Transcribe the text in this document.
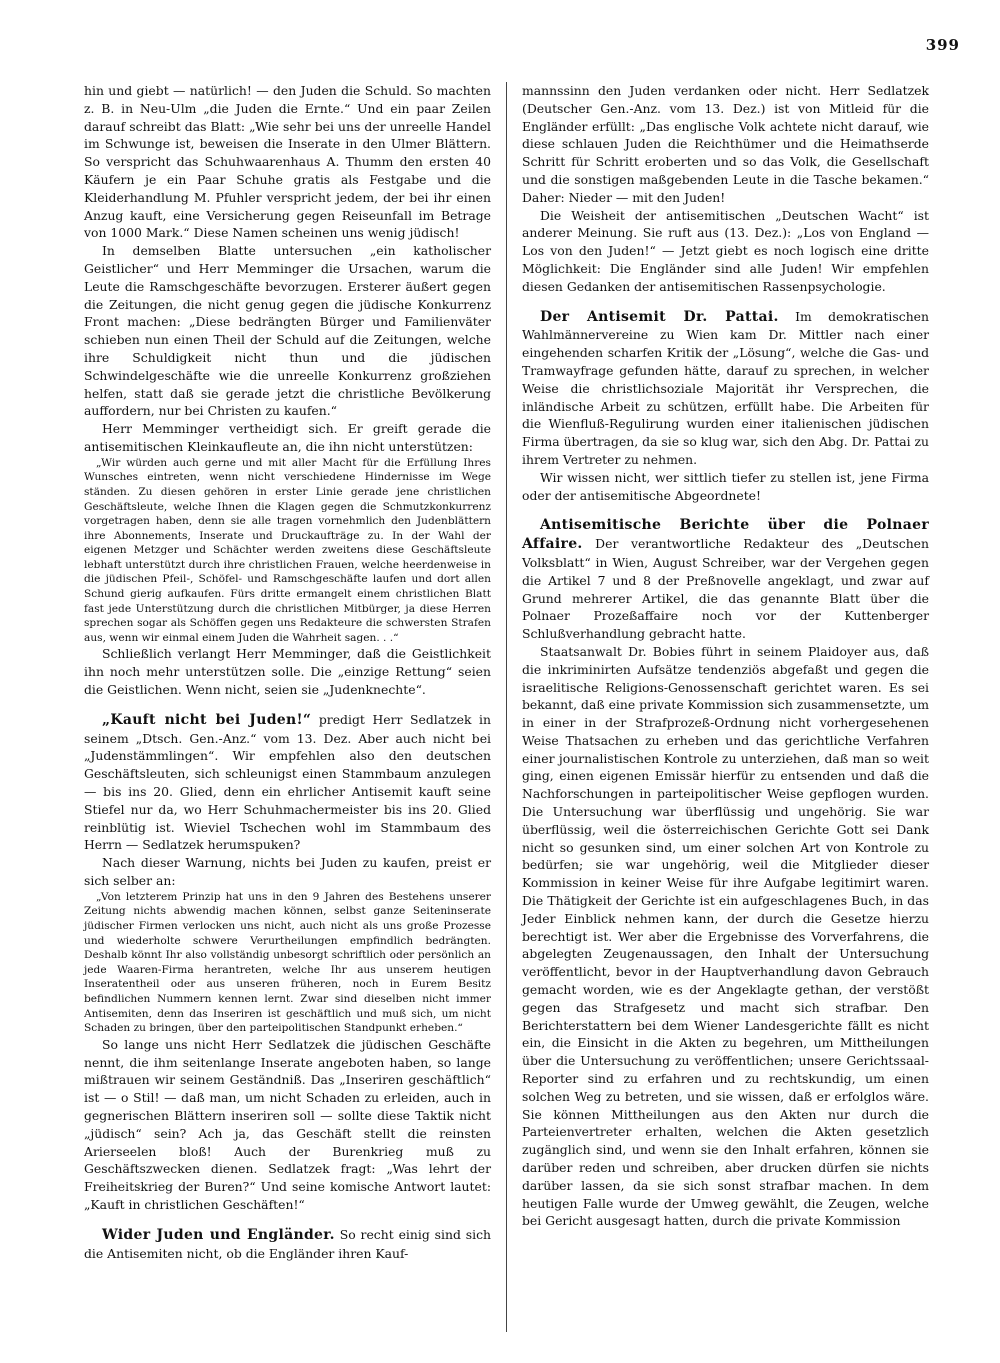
399

hin und giebt — natürlich! — den Juden die Schuld. So machten z. B. in Neu-Ulm „die Juden die Ernte.“ Und ein paar Zeilen darauf schreibt das Blatt: „Wie sehr bei uns der unreelle Handel im Schwunge ist, beweisen die Inserate in den Ulmer Blättern. So verspricht das Schuhwaarenhaus A. Thumm den ersten 40 Käufern je ein Paar Schuhe gratis als Festgabe und die Kleiderhandlung M. Pfuhler verspricht jedem, der bei ihr einen Anzug kauft, eine Versicherung gegen Reiseunfall im Betrage von 1000 Mark.“ Diese Namen scheinen uns wenig jüdisch!

In demselben Blatte untersuchen „ein katholischer Geistlicher“ und Herr Memminger die Ursachen, warum die Leute die Ramschgeschäfte bevorzugen. Ersterer äußert gegen die Zeitungen, die nicht genug gegen die jüdische Konkurrenz Front machen: „Diese bedrängten Bürger und Familienväter schieben nun einen Theil der Schuld auf die Zeitungen, welche ihre Schuldigkeit nicht thun und die jüdischen Schwindelgeschäfte wie die unreelle Konkurrenz großziehen helfen, statt daß sie gerade jetzt die christliche Bevölkerung auffordern, nur bei Christen zu kaufen.“

Herr Memminger vertheidigt sich. Er greift gerade die antisemitischen Kleinkaufleute an, die ihn nicht unterstützen:

„Wir würden auch gerne und mit aller Macht für die Erfüllung Ihres Wunsches eintreten, wenn nicht verschiedene Hindernisse im Wege ständen. Zu diesen gehören in erster Linie gerade jene christlichen Geschäftsleute, welche Ihnen die Klagen gegen die Schmutzkonkurrenz vorgetragen haben, denn sie alle tragen vornehmlich den Judenblättern ihre Abonnements, Inserate und Druckaufträge zu. In der Wahl der eigenen Metzger und Schächter werden zweitens diese Geschäftsleute lebhaft unterstützt durch ihre christlichen Frauen, welche heerdenweise in die jüdischen Pfeil-, Schöfel- und Ramschgeschäfte laufen und dort allen Schund gierig aufkaufen. Fürs dritte ermangelt einem christlichen Blatt fast jede Unterstützung durch die christlichen Mitbürger, ja diese Herren sprechen sogar als Schöffen gegen uns Redakteure die schwersten Strafen aus, wenn wir einmal einem Juden die Wahrheit sagen. . .“

Schließlich verlangt Herr Memminger, daß die Geistlichkeit ihn noch mehr unterstützen solle. Die „einzige Rettung“ seien die Geistlichen. Wenn nicht, seien sie „Judenknechte“.

„Kauft nicht bei Juden!“ predigt Herr Sedlatzek in seinem „Dtsch. Gen.-Anz.“ vom 13. Dez. Aber auch nicht bei „Judenstämmlingen“. Wir empfehlen also den deutschen Geschäftsleuten, sich schleunigst einen Stammbaum anzulegen — bis ins 20. Glied, denn ein ehrlicher Antisemit kauft seine Stiefel nur da, wo Herr Schuhmachermeister bis ins 20. Glied reinblütig ist. Wieviel Tschechen wohl im Stammbaum des Herrn — Sedlatzek herumspuken?

Nach dieser Warnung, nichts bei Juden zu kaufen, preist er sich selber an:

„Von letzterem Prinzip hat uns in den 9 Jahren des Bestehens unserer Zeitung nichts abwendig machen können, selbst ganze Seiteninserate jüdischer Firmen verlocken uns nicht, auch nicht als uns große Prozesse und wiederholte schwere Verurtheilungen empfindlich bedrängten. Deshalb könnt Ihr also vollständig unbesorgt schriftlich oder persönlich an jede Waaren-Firma herantreten, welche Ihr aus unserem heutigen Inseratentheil oder aus unseren früheren, noch in Eurem Besitz befindlichen Nummern kennen lernt. Zwar sind dieselben nicht immer Antisemiten, denn das Inseriren ist geschäftlich und muß sich, um nicht Schaden zu bringen, über den parteipolitischen Standpunkt erheben.“

So lange uns nicht Herr Sedlatzek die jüdischen Geschäfte nennt, die ihm seitenlange Inserate angeboten haben, so lange mißtrauen wir seinem Geständniß. Das „Inseriren geschäftlich“ ist — o Stil! — daß man, um nicht Schaden zu erleiden, auch in gegnerischen Blättern inseriren soll — sollte diese Taktik nicht „jüdisch“ sein? Ach ja, das Geschäft stellt die reinsten Arierseelen bloß! Auch der Burenkrieg muß zu Geschäftszwecken dienen. Sedlatzek fragt: „Was lehrt der Freiheitskrieg der Buren?“ Und seine komische Antwort lautet: „Kauft in christlichen Geschäften!“

Wider Juden und Engländer. So recht einig sind sich die Antisemiten nicht, ob die Engländer ihren Kauf-

mannssinn den Juden verdanken oder nicht. Herr Sedlatzek (Deutscher Gen.-Anz. vom 13. Dez.) ist von Mitleid für die Engländer erfüllt: „Das englische Volk achtete nicht darauf, wie diese schlauen Juden die Reichthümer und die Heimathserde Schritt für Schritt eroberten und so das Volk, die Gesellschaft und die sonstigen maßgebenden Leute in die Tasche bekamen.“ Daher: Nieder — mit den Juden!

Die Weisheit der antisemitischen „Deutschen Wacht“ ist anderer Meinung. Sie ruft aus (13. Dez.): „Los von England — Los von den Juden!“ — Jetzt giebt es noch logisch eine dritte Möglichkeit: Die Engländer sind alle Juden! Wir empfehlen diesen Gedanken der antisemitischen Rassenpsychologie.

Der Antisemit Dr. Pattai. Im demokratischen Wahlmännervereine zu Wien kam Dr. Mittler nach einer eingehenden scharfen Kritik der „Lösung“, welche die Gas- und Tramwayfrage gefunden hätte, darauf zu sprechen, in welcher Weise die christlichsoziale Majorität ihr Versprechen, die inländische Arbeit zu schützen, erfüllt habe. Die Arbeiten für die Wienfluß-Regulirung wurden einer italienischen jüdischen Firma übertragen, da sie so klug war, sich den Abg. Dr. Pattai zu ihrem Vertreter zu nehmen.

Wir wissen nicht, wer sittlich tiefer zu stellen ist, jene Firma oder der antisemitische Abgeordnete!

Antisemitische Berichte über die Polnaer Affaire. Der verantwortliche Redakteur des „Deutschen Volksblatt“ in Wien, August Schreiber, war der Vergehen gegen die Artikel 7 und 8 der Preßnovelle angeklagt, und zwar auf Grund mehrerer Artikel, die das genannte Blatt über die Polnaer Prozeßaffaire noch vor der Kuttenberger Schlußverhandlung gebracht hatte.

Staatsanwalt Dr. Bobies führt in seinem Plaidoyer aus, daß die inkriminirten Aufsätze tendenziös abgefaßt und gegen die israelitische Religions-Genossenschaft gerichtet waren. Es sei bekannt, daß eine private Kommission sich zusammensetzte, um in einer in der Strafprozeß-Ordnung nicht vorhergesehenen Weise Thatsachen zu erheben und das gerichtliche Verfahren einer journalistischen Kontrole zu unterziehen, daß man so weit ging, einen eigenen Emissär hierfür zu entsenden und daß die Nachforschungen in parteipolitischer Weise gepflogen wurden. Die Untersuchung war überflüssig und ungehörig. Sie war überflüssig, weil die österreichischen Gerichte Gott sei Dank nicht so gesunken sind, um einer solchen Art von Kontrole zu bedürfen; sie war ungehörig, weil die Mitglieder dieser Kommission in keiner Weise für ihre Aufgabe legitimirt waren. Die Thätigkeit der Gerichte ist ein aufgeschlagenes Buch, in das Jeder Einblick nehmen kann, der durch die Gesetze hierzu berechtigt ist. Wer aber die Ergebnisse des Vorverfahrens, die abgelegten Zeugenaussagen, den Inhalt der Untersuchung veröffentlicht, bevor in der Hauptverhandlung davon Gebrauch gemacht worden, wie es der Angeklagte gethan, der verstößt gegen das Strafgesetz und macht sich strafbar. Den Berichterstattern bei dem Wiener Landesgerichte fällt es nicht ein, die Einsicht in die Akten zu begehren, um Mittheilungen über die Untersuchung zu veröffentlichen; unsere Gerichtssaal-Reporter sind zu erfahren und zu rechtskundig, um einen solchen Weg zu betreten, und sie wissen, daß er erfolglos wäre. Sie können Mittheilungen aus den Akten nur durch die Parteienvertreter erhalten, welchen die Akten gesetzlich zugänglich sind, und wenn sie den Inhalt erfahren, können sie darüber reden und schreiben, aber drucken dürfen sie nichts darüber lassen, da sie sich sonst strafbar machen. In dem heutigen Falle wurde der Umweg gewählt, die Zeugen, welche bei Gericht ausgesagt hatten, durch die private Kommission
